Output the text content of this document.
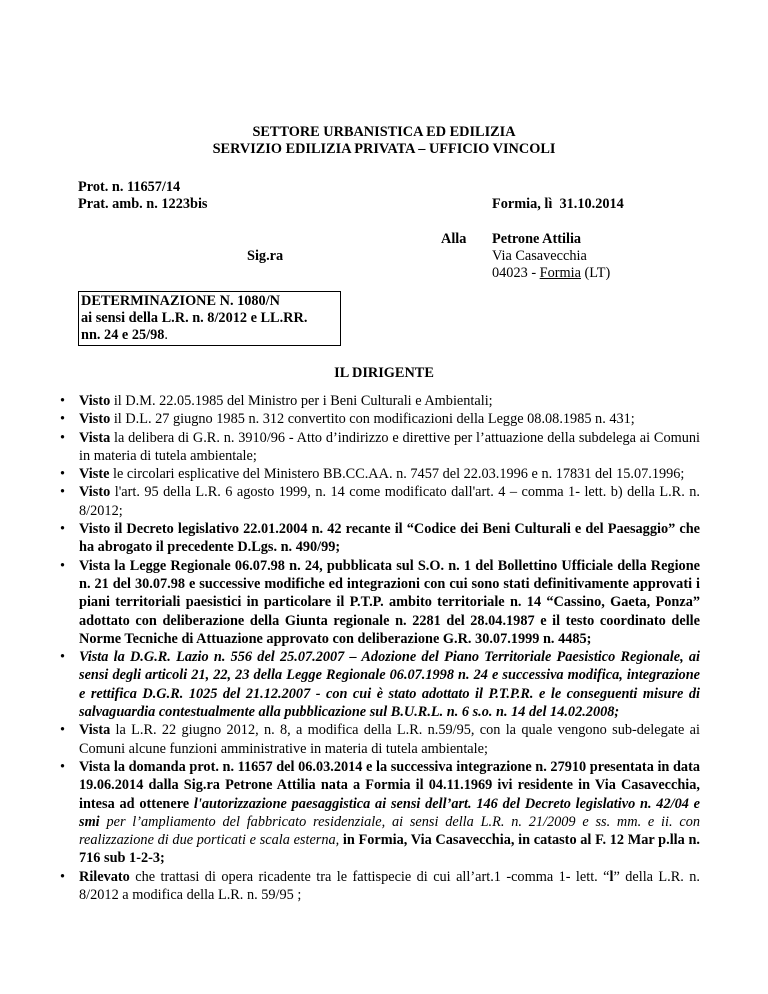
SETTORE URBANISTICA ED EDILIZIA
SERVIZIO EDILIZIA PRIVATA – UFFICIO VINCOLI
Prot. n. 11657/14
Prat. amb. n. 1223bis	Formia, lì  31.10.2014
Alla
Sig.ra
Petrone Attilia
Via Casavecchia
04023 - Formia (LT)
DETERMINAZIONE N. 1080/N
ai sensi della L.R. n. 8/2012 e LL.RR.
nn. 24 e 25/98.
IL DIRIGENTE
• Visto il D.M. 22.05.1985 del Ministro per i Beni Culturali e Ambientali;
• Visto il D.L. 27 giugno 1985 n. 312 convertito con modificazioni della Legge 08.08.1985 n. 431;
• Vista la delibera di G.R. n. 3910/96 - Atto d’indirizzo e direttive per l’attuazione della subdelega ai Comuni in materia di tutela ambientale;
• Viste le circolari esplicative del Ministero BB.CC.AA. n. 7457 del 22.03.1996 e n. 17831 del 15.07.1996;
• Visto l'art. 95 della L.R. 6 agosto 1999, n. 14 come modificato dall'art. 4 – comma 1- lett. b) della L.R. n. 8/2012;
• Visto il Decreto legislativo 22.01.2004 n. 42 recante il “Codice dei Beni Culturali e del Paesaggio” che ha abrogato il precedente D.Lgs. n. 490/99;
• Vista la Legge Regionale 06.07.98 n. 24, pubblicata sul S.O. n. 1 del Bollettino Ufficiale della Regione n. 21 del 30.07.98 e successive modifiche ed integrazioni con cui sono stati definitivamente approvati i piani territoriali paesistici in particolare il P.T.P. ambito territoriale n. 14 “Cassino, Gaeta, Ponza” adottato con deliberazione della Giunta regionale n. 2281 del 28.04.1987 e il testo coordinato delle Norme Tecniche di Attuazione approvato con deliberazione G.R. 30.07.1999 n. 4485;
• Vista la D.G.R. Lazio n. 556 del 25.07.2007 – Adozione del Piano Territoriale Paesistico Regionale, ai sensi degli articoli 21, 22, 23 della Legge Regionale 06.07.1998 n. 24 e successiva modifica, integrazione e rettifica D.G.R. 1025 del 21.12.2007 - con cui è stato adottato il P.T.P.R. e le conseguenti misure di salvaguardia contestualmente alla pubblicazione sul B.U.R.L. n. 6 s.o. n. 14 del 14.02.2008;
• Vista la L.R. 22 giugno 2012, n. 8, a modifica della L.R. n.59/95, con la quale vengono sub-delegate ai Comuni alcune funzioni amministrative in materia di tutela ambientale;
• Vista la domanda prot. n. 11657 del 06.03.2014 e la successiva integrazione n. 27910 presentata in data 19.06.2014 dalla Sig.ra Petrone Attilia nata a Formia il 04.11.1969 ivi residente in Via Casavecchia, intesa ad ottenere l'autorizzazione paesaggistica ai sensi dell’art. 146 del Decreto legislativo n. 42/04 e smi per l’ampliamento del fabbricato residenziale, ai sensi della L.R. n. 21/2009 e ss. mm. e ii. con realizzazione di due porticati e scala esterna, in Formia, Via Casavecchia, in catasto al F. 12 Mar p.lla n. 716 sub 1-2-3;
• Rilevato che trattasi di opera ricadente tra le fattispecie di cui all’art.1 -comma 1- lett. “l” della L.R. n. 8/2012 a modifica della L.R. n. 59/95 ;
